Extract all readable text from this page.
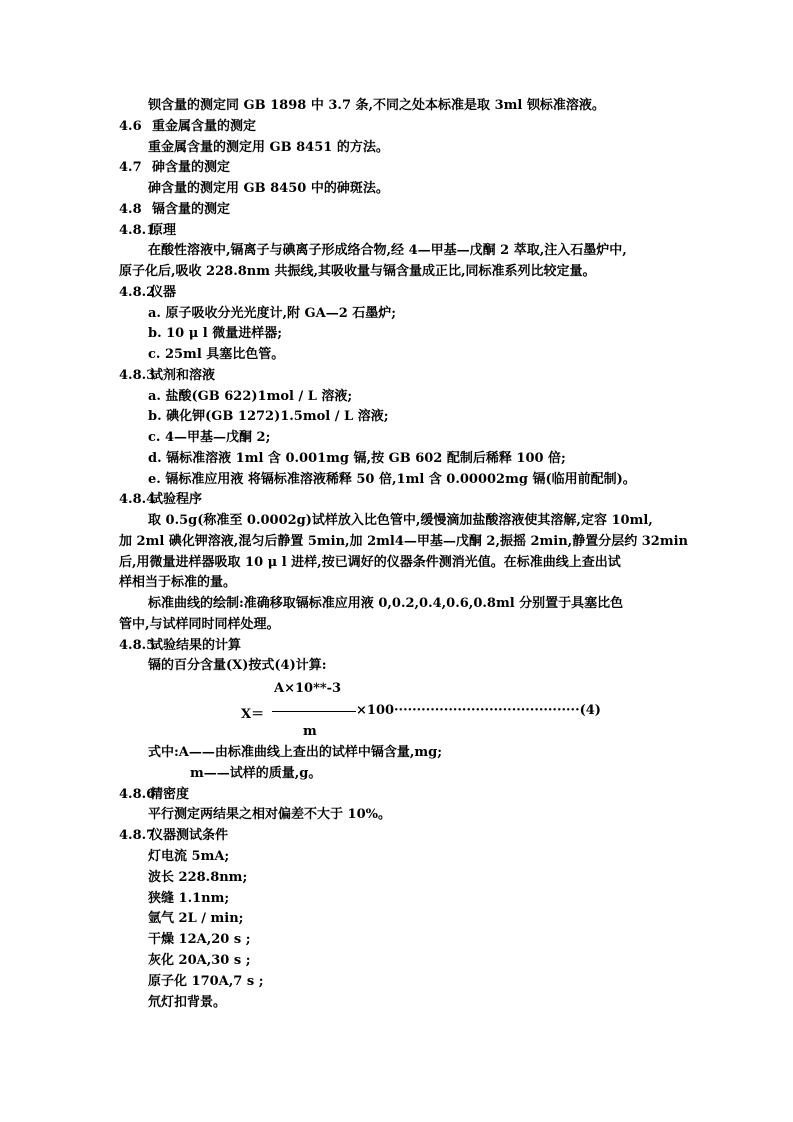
钡含量的测定同 GB 1898 中 3.7 条,不同之处本标准是取 3ml 钡标准溶液。
4.6 重金属含量的测定
重金属含量的测定用 GB 8451 的方法。
4.7 砷含量的测定
砷含量的测定用 GB 8450 中的砷斑法。
4.8 镉含量的测定
4.8.1
原理
在酸性溶液中,镉离子与碘离子形成络合物,经 4—甲基—戊酮 2 萃取,注入石墨炉中,
原子化后,吸收 228.8nm 共振线,其吸收量与镉含量成正比,同标准系列比较定量。
4.8.2
仪器
a. 原子吸收分光光度计,附 GA—2 石墨炉;
b. 10 μ l 微量进样器;
c. 25ml 具塞比色管。
4.8.3
试剂和溶液
a. 盐酸(GB 622)1mol / L 溶液;
b. 碘化钾(GB 1272)1.5mol / L 溶液;
c. 4—甲基—戊酮 2;
d. 镉标准溶液 1ml 含 0.001mg 镉,按 GB 602 配制后稀释 100 倍;
e. 镉标准应用液 将镉标准溶液稀释 50 倍,1ml 含 0.00002mg 镉(临用前配制)。
4.8.4
试验程序
取 0.5g(称准至 0.0002g)试样放入比色管中,缓慢滴加盐酸溶液使其溶解,定容 10ml,
加 2ml 碘化钾溶液,混匀后静置 5min,加 2ml4—甲基—戊酮 2,振摇 2min,静置分层约 32min
后,用微量进样器吸取 10 μ l 进样,按已调好的仪器条件测消光值。在标准曲线上查出试
样相当于标准的量。
标准曲线的绘制:准确移取镉标准应用液 0,0.2,0.4,0.6,0.8ml 分别置于具塞比色
管中,与试样同时同样处理。
4.8.5
试验结果的计算
镉的百分含量(X)按式(4)计算:
A×10**-3
X＝	×100·········································(4)
m
式中:A——由标准曲线上查出的试样中镉含量,mg;
m——试样的质量,g。
4.8.6
精密度
平行测定两结果之相对偏差不大于 10%。
4.8.7
仪器测试条件
灯电流 5mA;
波长 228.8nm;
狭缝 1.1nm;
氩气 2L / min;
干燥 12A,20 s ;
灰化 20A,30 s ;
原子化 170A,7 s ;
氘灯扣背景。
